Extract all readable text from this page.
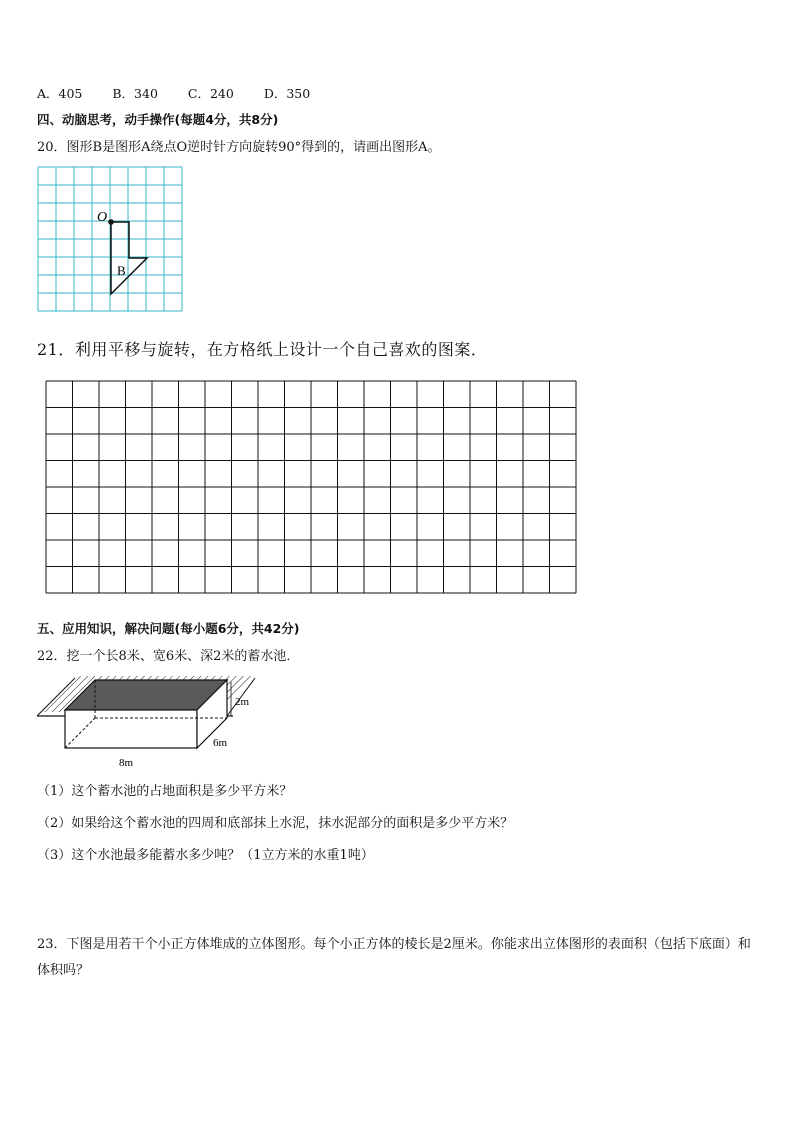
A．405 B．340 C．240 D．350
四、动脑思考，动手操作(每题4分，共8分)
20．图形B是图形A绕点O逆时针方向旋转90°得到的，请画出图形A。
O
B
21．利用平移与旋转，在方格纸上设计一个自己喜欢的图案．
五、应用知识，解决问题(每小题6分，共42分)
22．挖一个长8米、宽6米、深2米的蓄水池．
2m
6m
8m
（1）这个蓄水池的占地面积是多少平方米？
（2）如果给这个蓄水池的四周和底部抹上水泥，抹水泥部分的面积是多少平方米？
（3）这个水池最多能蓄水多少吨？（1立方米的水重1吨）
23．下图是用若干个小正方体堆成的立体图形。每个小正方体的棱长是2厘米。你能求出立体图形的表面积（包括下底面）和体积吗？
